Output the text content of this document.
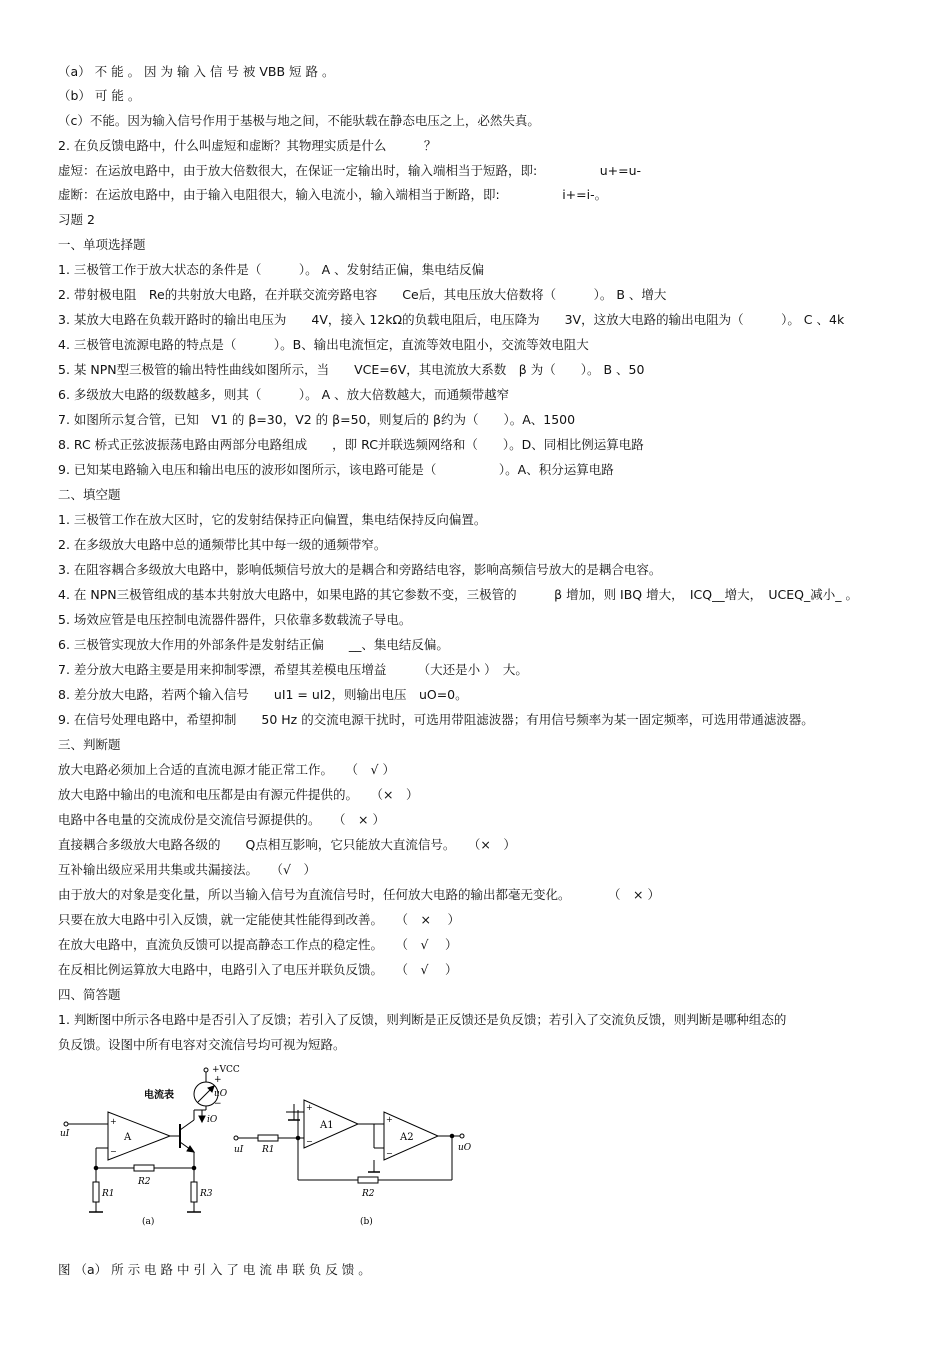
（a） 不 能 。 因 为 输 入 信 号 被 VBB 短 路 。
（b） 可 能 。
（c）不能。因为输入信号作用于基极与地之间，不能驮载在静态电压之上，必然失真。
2. 在负反馈电路中，什么叫虚短和虚断？其物理实质是什么　　　？
虚短：在运放电路中，由于放大倍数很大，在保证一定输出时，输入端相当于短路，即:　　　　　u+=u-
虚断：在运放电路中，由于输入电阻很大，输入电流小，输入端相当于断路，即:　　　　　i+=i-。
习题 2
一、单项选择题
1. 三极管工作于放大状态的条件是（　　　）。 A 、发射结正偏，集电结反偏
2. 带射极电阻　Re的共射放大电路，在并联交流旁路电容　　Ce后，其电压放大倍数将（　　　）。 B 、增大
3. 某放大电路在负载开路时的输出电压为　　4V，接入 12kΩ的负载电阻后，电压降为　　3V，这放大电路的输出电阻为（　　　）。 C 、4k
4. 三极管电流源电路的特点是（　　　）。B、输出电流恒定，直流等效电阻小，交流等效电阻大
5. 某 NPN型三极管的输出特性曲线如图所示，当　　VCE=6V，其电流放大系数　β 为（　　）。 B 、50
6. 多级放大电路的级数越多，则其（　　　）。 A 、放大倍数越大，而通频带越窄
7. 如图所示复合管，已知　V1 的 β=30，V2 的 β=50，则复后的 β约为（　　）。A、1500
8. RC 桥式正弦波振荡电路由两部分电路组成　　，即 RC并联选频网络和（　　）。D、同相比例运算电路
9. 已知某电路输入电压和输出电压的波形如图所示，该电路可能是（　　　　　）。A、积分运算电路
二、填空题
1. 三极管工作在放大区时，它的发射结保持正向偏置，集电结保持反向偏置。
2. 在多级放大电路中总的通频带比其中每一级的通频带窄。
3. 在阻容耦合多级放大电路中，影响低频信号放大的是耦合和旁路结电容，影响高频信号放大的是耦合电容。
4. 在 NPN三极管组成的基本共射放大电路中，如果电路的其它参数不变，三极管的　　　β 增加，则 IBQ 增大，　ICQ__增大，　UCEQ_减小_ 。
5. 场效应管是电压控制电流器件器件，只依靠多数载流子导电。
6. 三极管实现放大作用的外部条件是发射结正偏　　__、集电结反偏。
7. 差分放大电路主要是用来抑制零漂，希望其差模电压增益　　　（大还是小 ）　大。
8. 差分放大电路，若两个输入信号　　uI1 = uI2，则输出电压　uO=0。
9. 在信号处理电路中，希望抑制　　50 Hz 的交流电源干扰时，可选用带阻滤波器；有用信号频率为某一固定频率，可选用带通滤波器。
三、判断题
放大电路必须加上合适的直流电源才能正常工作。　　（　√ ）
放大电路中输出的电流和电压都是由有源元件提供的。　　（×　）
电路中各电量的交流成份是交流信号源提供的。　　（　× ）
直接耦合多级放大电路各级的　　Q点相互影响，它只能放大直流信号。　　（×　）
互补输出级应采用共集或共漏接法。　　（√　）
由于放大的对象是变化量，所以当输入信号为直流信号时，任何放大电路的输出都毫无变化。　　　　（　× ）
只要在放大电路中引入反馈，就一定能使其性能得到改善。　　（　×　 ）
在放大电路中，直流负反馈可以提高静态工作点的稳定性。　　（　√　 ）
在反相比例运算放大电路中，电路引入了电压并联负反馈。　　（　√　 ）
四、简答题
1. 判断图中所示各电路中是否引入了反馈；若引入了反馈，则判断是正反馈还是负反馈；若引入了交流负反馈，则判断是哪种组态的
负反馈。设图中所有电容对交流信号均可视为短路。
+VCC
电流表
+
−
uO
iO
uI
+
−
A
R2
R1	R3
(a)
+
−
A1
+
−
A2
uI R1	uO
R2
(b)
图 （a） 所 示 电 路 中 引 入 了 电 流 串 联 负 反 馈 。
